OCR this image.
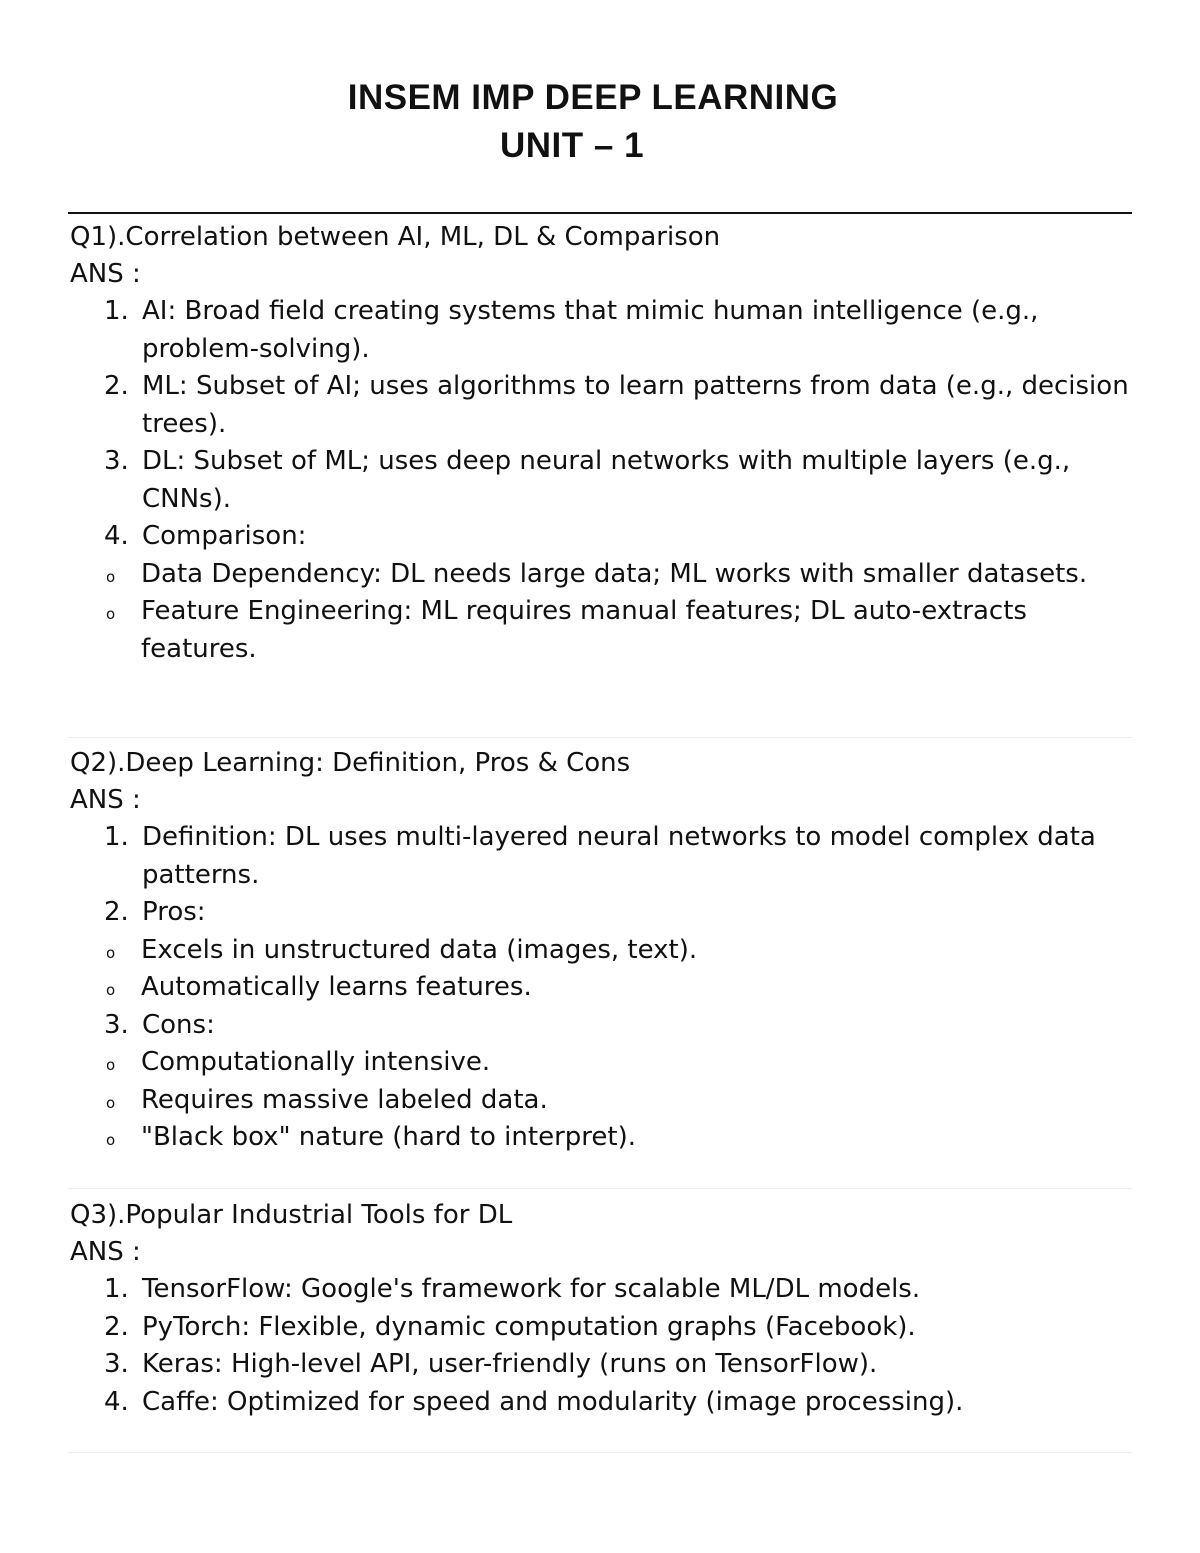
INSEM IMP DEEP LEARNING
UNIT – 1

Q1).Correlation between AI, ML, DL & Comparison

ANS :

1. AI: Broad field creating systems that mimic human intelligence (e.g., problem-solving).
2. ML: Subset of AI; uses algorithms to learn patterns from data (e.g., decision trees).
3. DL: Subset of ML; uses deep neural networks with multiple layers (e.g., CNNs).
4. Comparison:
o Data Dependency: DL needs large data; ML works with smaller datasets.
o Feature Engineering: ML requires manual features; DL auto-extracts features.

Q2).Deep Learning: Definition, Pros & Cons

ANS :

1. Definition: DL uses multi-layered neural networks to model complex data patterns.
2. Pros:
o Excels in unstructured data (images, text).
o Automatically learns features.
3. Cons:
o Computationally intensive.
o Requires massive labeled data.
o "Black box" nature (hard to interpret).

Q3).Popular Industrial Tools for DL

ANS :

1. TensorFlow: Google's framework for scalable ML/DL models.
2. PyTorch: Flexible, dynamic computation graphs (Facebook).
3. Keras: High-level API, user-friendly (runs on TensorFlow).
4. Caffe: Optimized for speed and modularity (image processing).
